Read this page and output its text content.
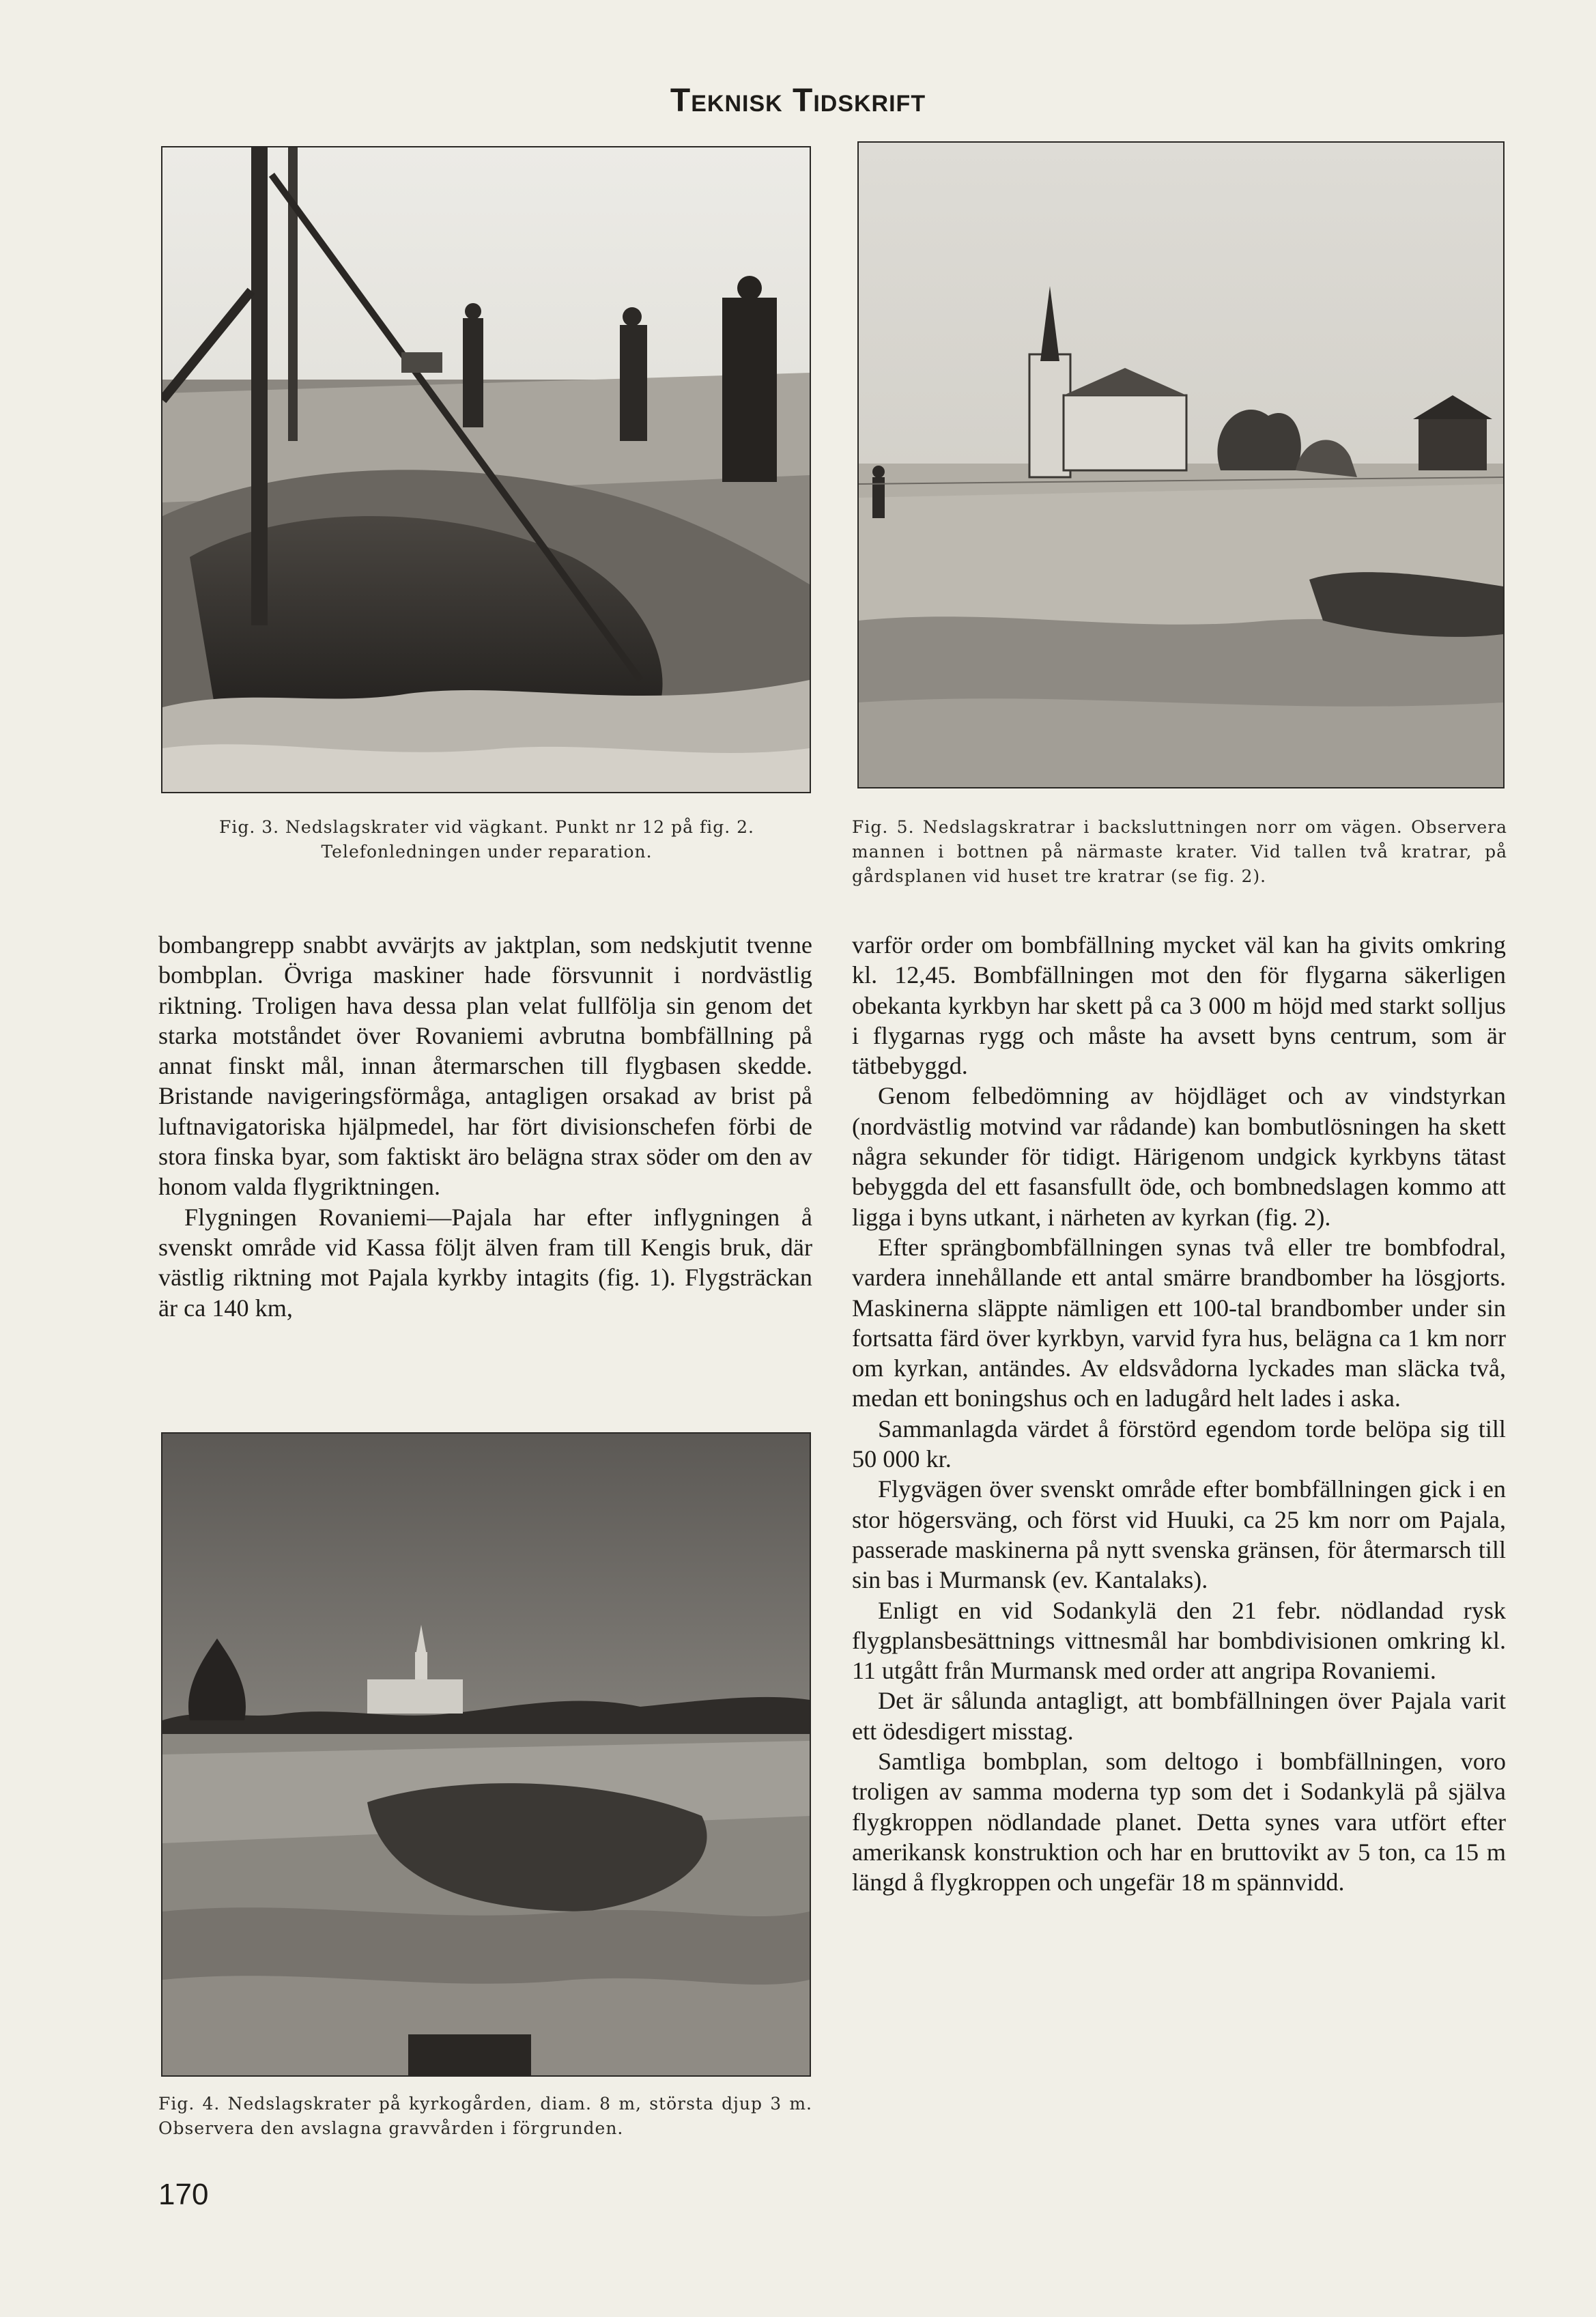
Teknisk Tidskrift

Fig. 3. Nedslagskrater vid vägkant. Punkt nr 12 på fig. 2.

Telefonledningen under reparation.

Fig. 5. Nedslagskratrar i backsluttningen norr om vägen. Observera mannen i bottnen på närmaste krater. Vid tallen två kratrar, på gårdsplanen vid huset tre kratrar (se fig. 2).

bombangrepp snabbt avvärjts av jaktplan, som nedskjutit tvenne bombplan. Övriga maskiner hade försvunnit i nordvästlig riktning. Troligen hava dessa plan velat fullfölja sin genom det starka motståndet över Rovaniemi avbrutna bombfällning på annat finskt mål, innan återmarschen till flygbasen skedde. Bristande navigeringsförmåga, antagligen orsakad av brist på luftnavigatoriska hjälpmedel, har fört divisionschefen förbi de stora finska byar, som faktiskt äro belägna strax söder om den av honom valda flygriktningen.

Flygningen Rovaniemi—Pajala har efter inflygningen å svenskt område vid Kassa följt älven fram till Kengis bruk, där västlig riktning mot Pajala kyrkby intagits (fig. 1). Flygsträckan är ca 140 km,

Fig. 4. Nedslagskrater på kyrkogården, diam. 8 m, största djup 3 m. Observera den avslagna gravvården i förgrunden.

varför order om bombfällning mycket väl kan ha givits omkring kl. 12,45. Bombfällningen mot den för flygarna säkerligen obekanta kyrkbyn har skett på ca 3 000 m höjd med starkt solljus i flygarnas rygg och måste ha avsett byns centrum, som är tätbebyggd.

Genom felbedömning av höjdläget och av vindstyrkan (nordvästlig motvind var rådande) kan bombutlösningen ha skett några sekunder för tidigt. Härigenom undgick kyrkbyns tätast bebyggda del ett fasansfullt öde, och bombnedslagen kommo att ligga i byns utkant, i närheten av kyrkan (fig. 2).

Efter sprängbombfällningen synas två eller tre bombfodral, vardera innehållande ett antal smärre brandbomber ha lösgjorts. Maskinerna släppte nämligen ett 100-tal brandbomber under sin fortsatta färd över kyrkbyn, varvid fyra hus, belägna ca 1 km norr om kyrkan, antändes. Av eldsvådorna lyckades man släcka två, medan ett boningshus och en ladugård helt lades i aska.

Sammanlagda värdet å förstörd egendom torde belöpa sig till 50 000 kr.

Flygvägen över svenskt område efter bombfällningen gick i en stor högersväng, och först vid Huuki, ca 25 km norr om Pajala, passerade maskinerna på nytt svenska gränsen, för återmarsch till sin bas i Murmansk (ev. Kantalaks).

Enligt en vid Sodankylä den 21 febr. nödlandad rysk flygplansbesättnings vittnesmål har bombdivisionen omkring kl. 11 utgått från Murmansk med order att angripa Rovaniemi.

Det är sålunda antagligt, att bombfällningen över Pajala varit ett ödesdigert misstag.

Samtliga bombplan, som deltogo i bombfällningen, voro troligen av samma moderna typ som det i Sodankylä på själva flygkroppen nödlandade planet. Detta synes vara utfört efter amerikansk konstruktion och har en bruttovikt av 5 ton, ca 15 m längd å flygkroppen och ungefär 18 m spännvidd.

170
